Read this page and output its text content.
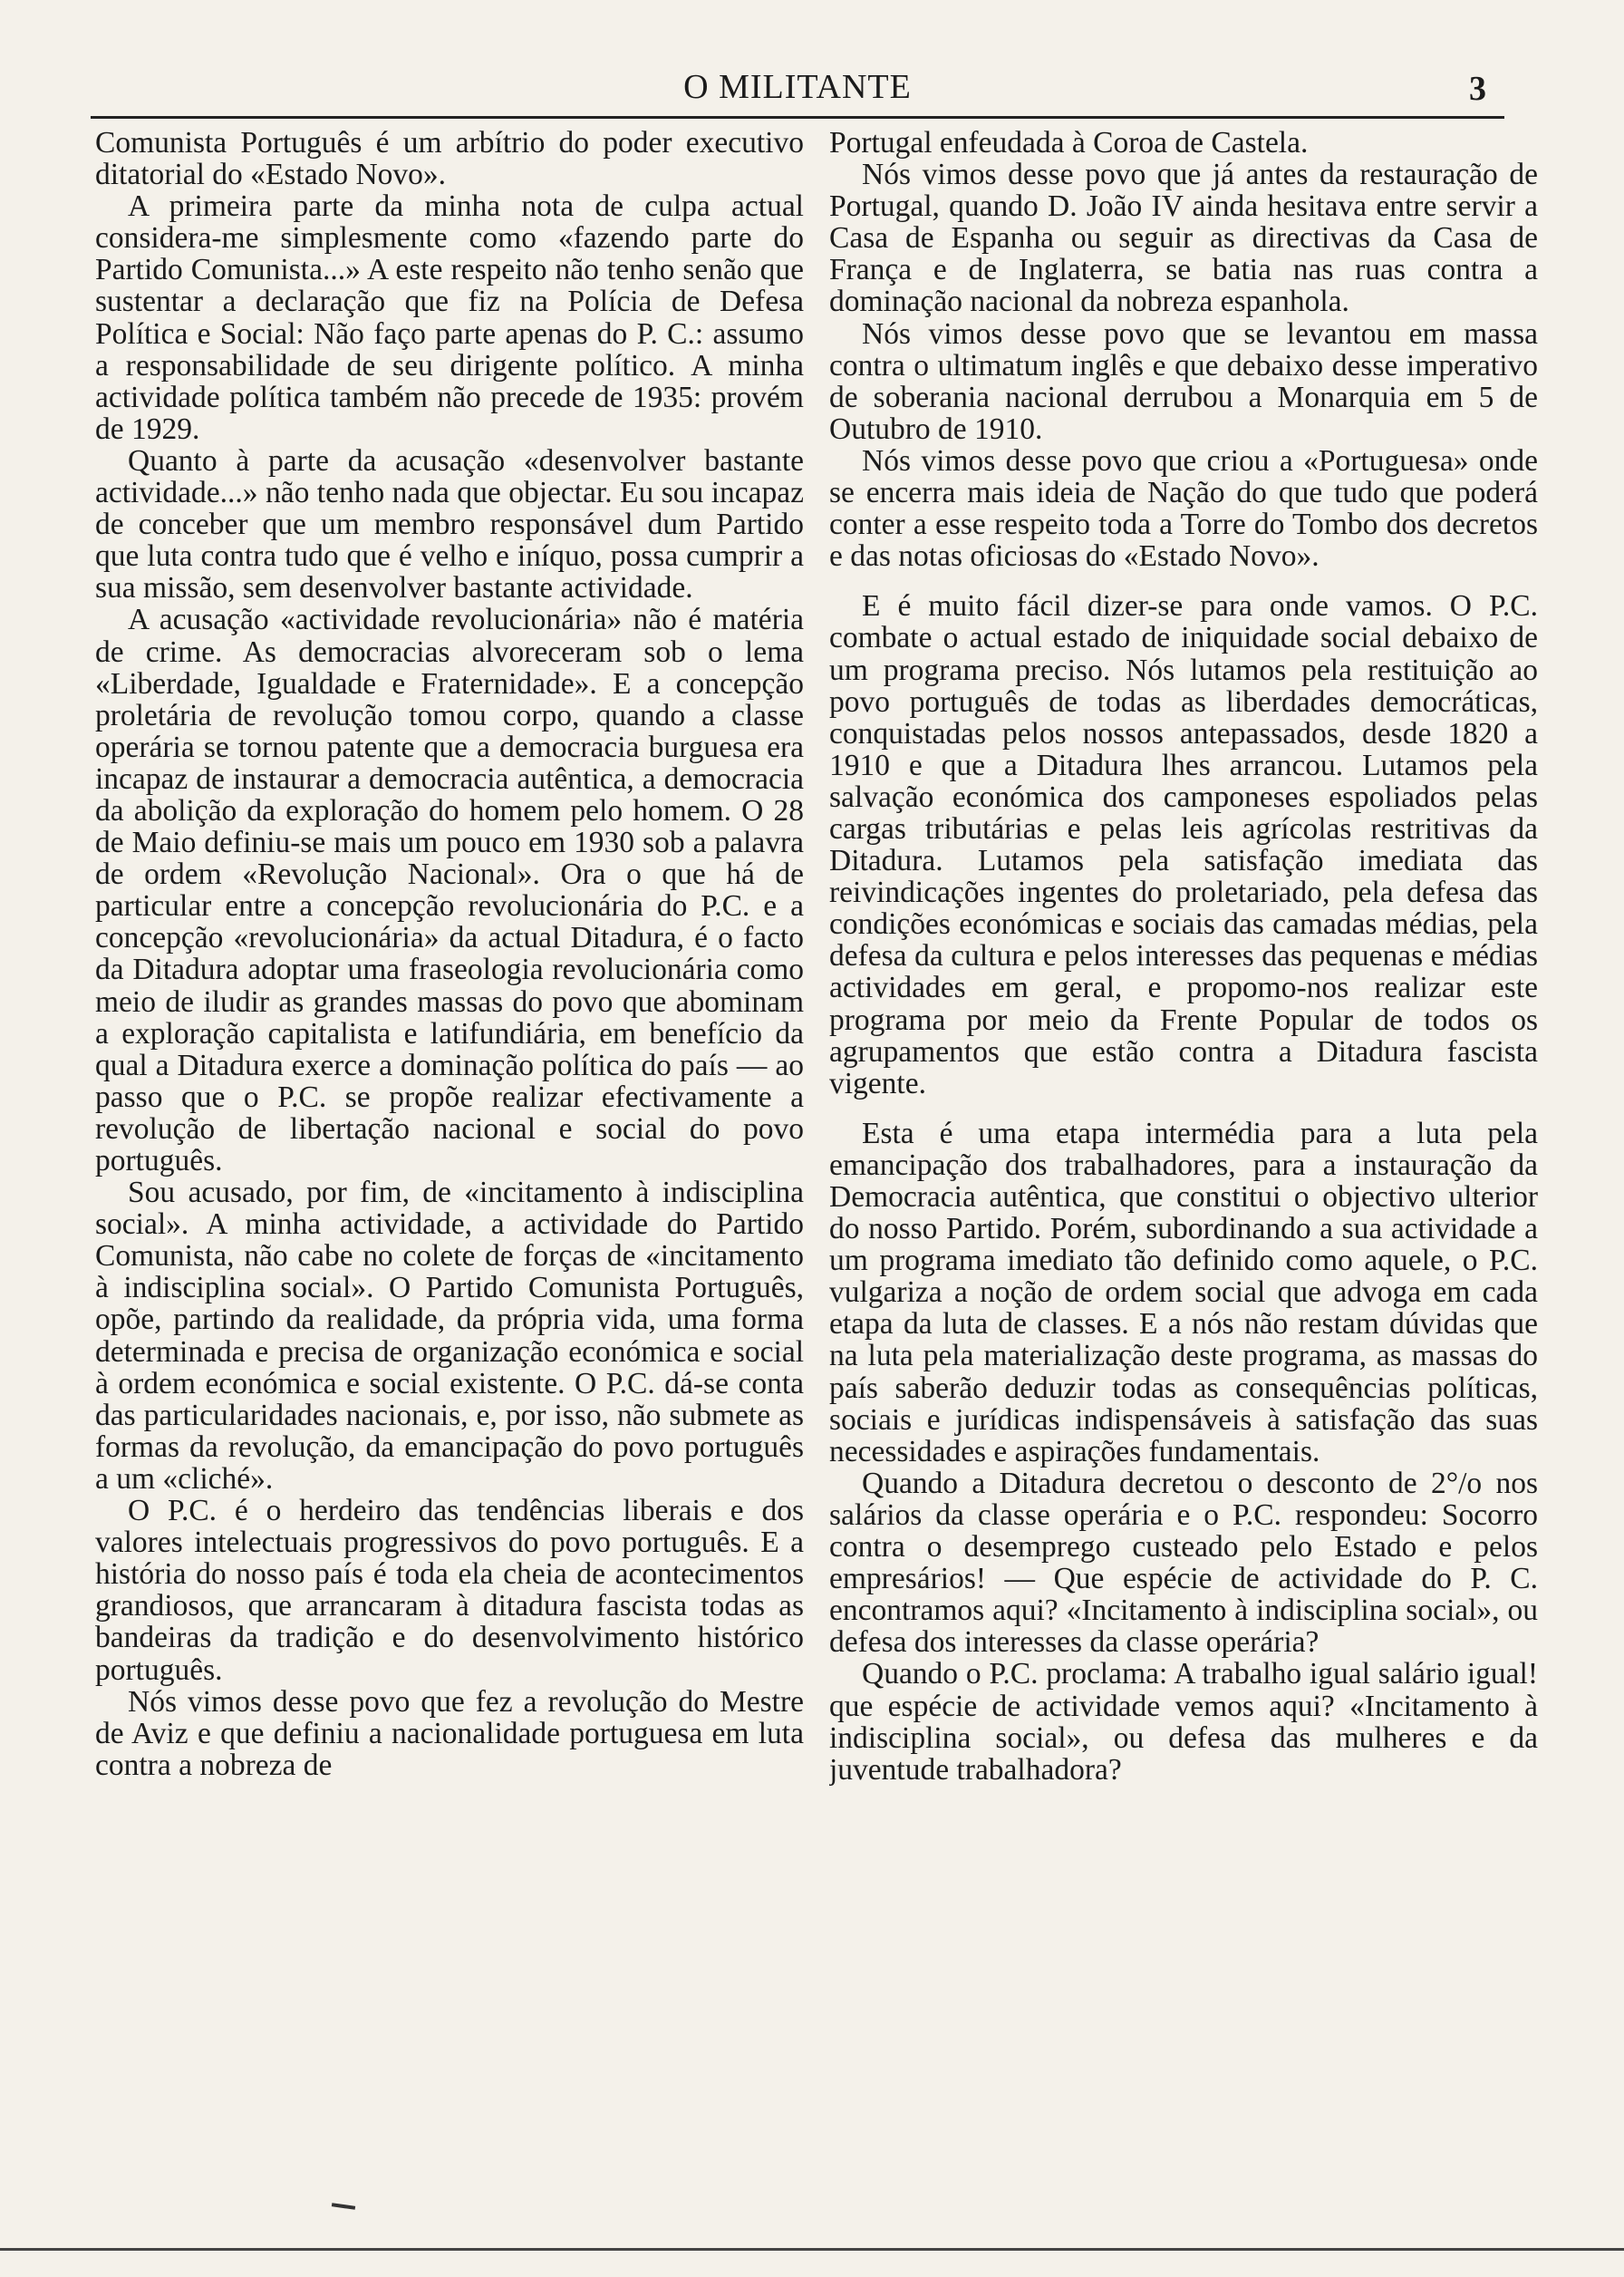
O MILITANTE	3

Comunista Português é um arbítrio do poder executivo ditatorial do «Estado Novo».

A primeira parte da minha nota de culpa actual considera-me simplesmente como «fazendo parte do Partido Comunista...» A este respeito não tenho senão que sustentar a declaração que fiz na Polícia de Defesa Política e Social: Não faço parte apenas do P. C.: assumo a responsabilidade de seu dirigente político. A minha actividade política também não precede de 1935: provém de 1929.

Quanto à parte da acusação «desenvolver bastante actividade...» não tenho nada que objectar. Eu sou incapaz de conceber que um membro responsável dum Partido que luta contra tudo que é velho e iníquo, possa cumprir a sua missão, sem desenvolver bastante actividade.

A acusação «actividade revolucionária» não é matéria de crime. As democracias alvoreceram sob o lema «Liberdade, Igualdade e Fraternidade». E a concepção proletária de revolução tomou corpo, quando a classe operária se tornou patente que a democracia burguesa era incapaz de instaurar a democracia autêntica, a democracia da abolição da exploração do homem pelo homem. O 28 de Maio definiu-se mais um pouco em 1930 sob a palavra de ordem «Revolução Nacional». Ora o que há de particular entre a concepção revolucionária do P.C. e a concepção «revolucionária» da actual Ditadura, é o facto da Ditadura adoptar uma fraseologia revolucionária como meio de iludir as grandes massas do povo que abominam a exploração capitalista e latifundiária, em benefício da qual a Ditadura exerce a dominação política do país — ao passo que o P.C. se propõe realizar efectivamente a revolução de libertação nacional e social do povo português.

Sou acusado, por fim, de «incitamento à indisciplina social». A minha actividade, a actividade do Partido Comunista, não cabe no colete de forças de «incitamento à indisciplina social». O Partido Comunista Português, opõe, partindo da realidade, da própria vida, uma forma determinada e precisa de organização económica e social à ordem económica e social existente. O P.C. dá-se conta das particularidades nacionais, e, por isso, não submete as formas da revolução, da emancipação do povo português a um «cliché».

O P.C. é o herdeiro das tendências liberais e dos valores intelectuais progressivos do povo português. E a história do nosso país é toda ela cheia de acontecimentos grandiosos, que arrancaram à ditadura fascista todas as bandeiras da tradição e do desenvolvimento histórico português.

Nós vimos desse povo que fez a revolução do Mestre de Aviz e que definiu a nacionalidade portuguesa em luta contra a nobreza de

Portugal enfeudada à Coroa de Castela.

Nós vimos desse povo que já antes da restauração de Portugal, quando D. João IV ainda hesitava entre servir a Casa de Espanha ou seguir as directivas da Casa de França e de Inglaterra, se batia nas ruas contra a dominação nacional da nobreza espanhola.

Nós vimos desse povo que se levantou em massa contra o ultimatum inglês e que debaixo desse imperativo de soberania nacional derrubou a Monarquia em 5 de Outubro de 1910.

Nós vimos desse povo que criou a «Portuguesa» onde se encerra mais ideia de Nação do que tudo que poderá conter a esse respeito toda a Torre do Tombo dos decretos e das notas oficiosas do «Estado Novo».

E é muito fácil dizer-se para onde vamos. O P.C. combate o actual estado de iniquidade social debaixo de um programa preciso. Nós lutamos pela restituição ao povo português de todas as liberdades democráticas, conquistadas pelos nossos antepassados, desde 1820 a 1910 e que a Ditadura lhes arrancou. Lutamos pela salvação económica dos camponeses espoliados pelas cargas tributárias e pelas leis agrícolas restritivas da Ditadura. Lutamos pela satisfação imediata das reivindicações ingentes do proletariado, pela defesa das condições económicas e sociais das camadas médias, pela defesa da cultura e pelos interesses das pequenas e médias actividades em geral, e propomo-nos realizar este programa por meio da Frente Popular de todos os agrupamentos que estão contra a Ditadura fascista vigente.

Esta é uma etapa intermédia para a luta pela emancipação dos trabalhadores, para a instauração da Democracia autêntica, que constitui o objectivo ulterior do nosso Partido. Porém, subordinando a sua actividade a um programa imediato tão definido como aquele, o P.C. vulgariza a noção de ordem social que advoga em cada etapa da luta de classes. E a nós não restam dúvidas que na luta pela materialização deste programa, as massas do país saberão deduzir todas as consequências políticas, sociais e jurídicas indispensáveis à satisfação das suas necessidades e aspirações fundamentais.

Quando a Ditadura decretou o desconto de 2°/o nos salários da classe operária e o P.C. respondeu: Socorro contra o desemprego custeado pelo Estado e pelos empresários! — Que espécie de actividade do P. C. encontramos aqui? «Incitamento à indisciplina social», ou defesa dos interesses da classe operária?

Quando o P.C. proclama: A trabalho igual salário igual! que espécie de actividade vemos aqui? «Incitamento à indisciplina social», ou defesa das mulheres e da juventude trabalhadora?
